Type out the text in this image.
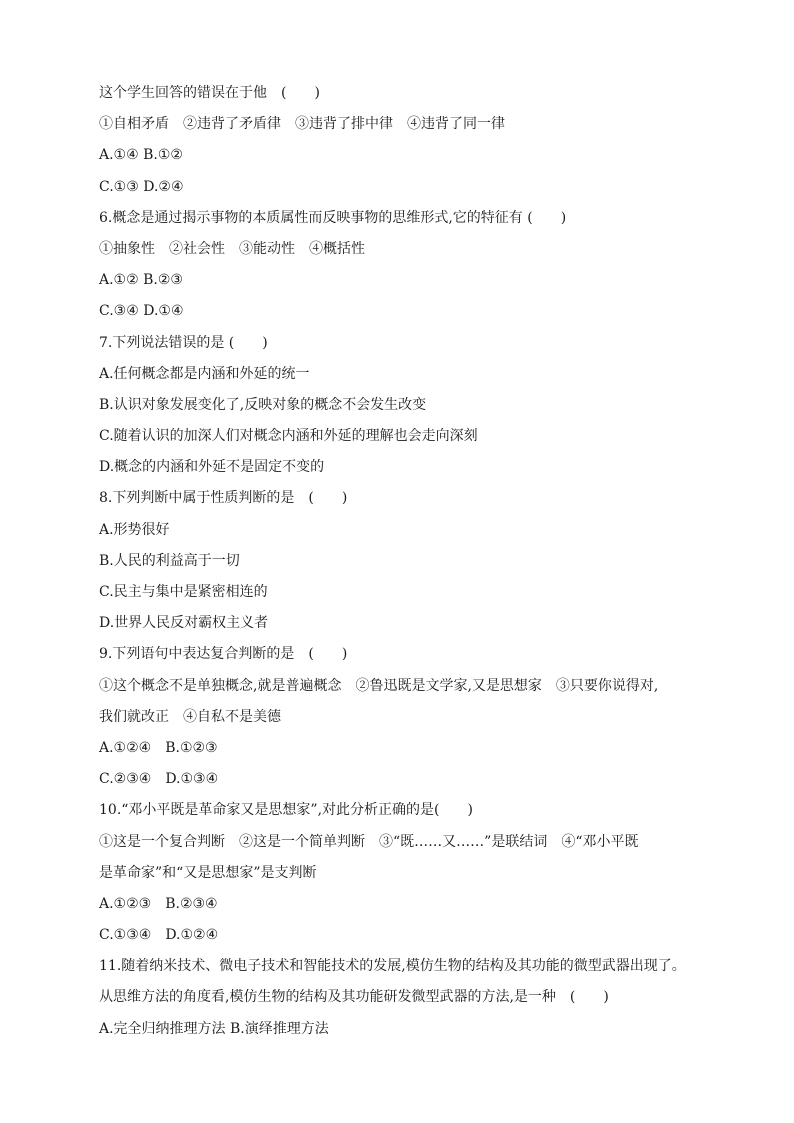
这个学生回答的错误在于他　(　　)
①自相矛盾　②违背了矛盾律　③违背了排中律　④违背了同一律
A.①④ B.①②
C.①③ D.②④
6.概念是通过揭示事物的本质属性而反映事物的思维形式,它的特征有 (　　)
①抽象性　②社会性　③能动性　④概括性
A.①② B.②③
C.③④ D.①④
7.下列说法错误的是 (　　)
A.任何概念都是内涵和外延的统一
B.认识对象发展变化了,反映对象的概念不会发生改变
C.随着认识的加深人们对概念内涵和外延的理解也会走向深刻
D.概念的内涵和外延不是固定不变的
8.下列判断中属于性质判断的是　(　　)
A.形势很好
B.人民的利益高于一切
C.民主与集中是紧密相连的
D.世界人民反对霸权主义者
9.下列语句中表达复合判断的是　(　　)
①这个概念不是单独概念,就是普遍概念　②鲁迅既是文学家,又是思想家　③只要你说得对,
我们就改正　④自私不是美德
A.①②④　B.①②③
C.②③④　D.①③④
10.“邓小平既是革命家又是思想家”,对此分析正确的是(　　)
①这是一个复合判断　②这是一个简单判断　③“既……又……”是联结词　④“邓小平既
是革命家”和“又是思想家”是支判断
A.①②③　B.②③④
C.①③④　D.①②④
11.随着纳米技术、微电子技术和智能技术的发展,模仿生物的结构及其功能的微型武器出现了。
从思维方法的角度看,模仿生物的结构及其功能研发微型武器的方法,是一种　(　　)
A.完全归纳推理方法 B.演绎推理方法
